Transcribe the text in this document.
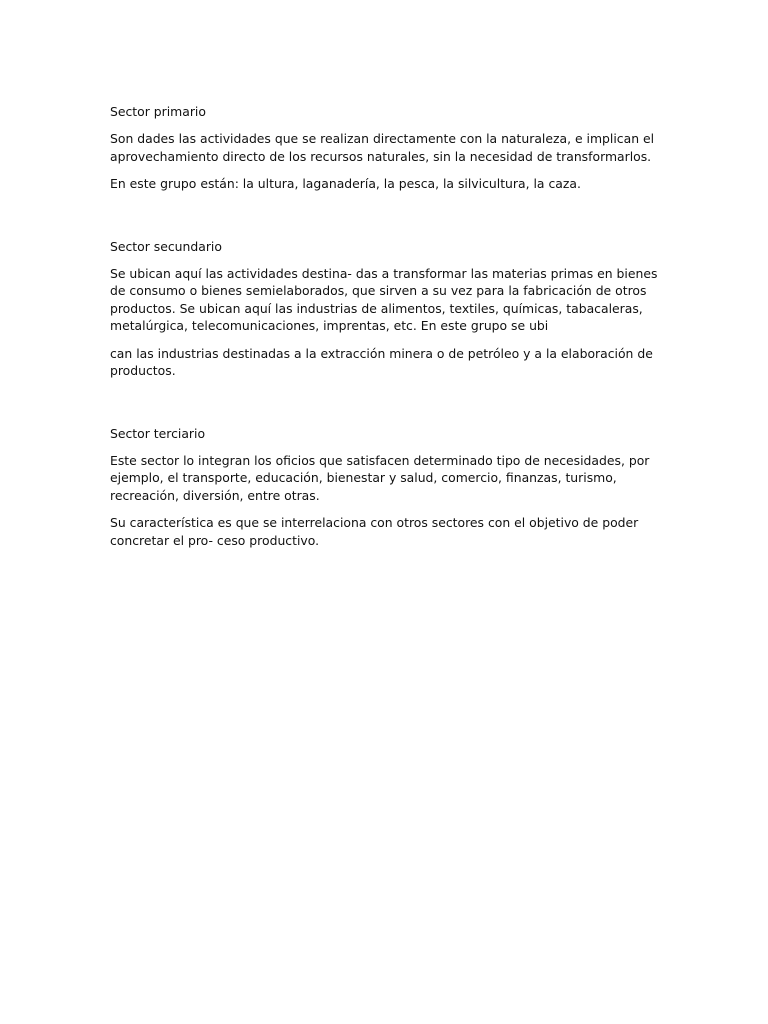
Sector primario

Son dades las actividades que se realizan directamente con la naturaleza, e implican el aprovechamiento directo de los recursos naturales, sin la necesidad de transformarlos.

En este grupo están: la ultura, laganadería, la pesca, la silvicultura, la caza.

Sector secundario

Se ubican aquí las actividades destina- das a transformar las materias primas en bienes de consumo o bienes semielaborados, que sirven a su vez para la fabricación de otros productos. Se ubican aquí las industrias de alimentos, textiles, químicas, tabacaleras, metalúrgica, telecomunicaciones, imprentas, etc. En este grupo se ubi

can las industrias destinadas a la extracción minera o de petróleo y a la elaboración de productos.

Sector terciario

Este sector lo integran los oficios que satisfacen determinado tipo de necesidades, por ejemplo, el transporte, educación, bienestar y salud, comercio, finanzas, turismo, recreación, diversión, entre otras.

Su característica es que se interrelaciona con otros sectores con el objetivo de poder concretar el pro- ceso productivo.
